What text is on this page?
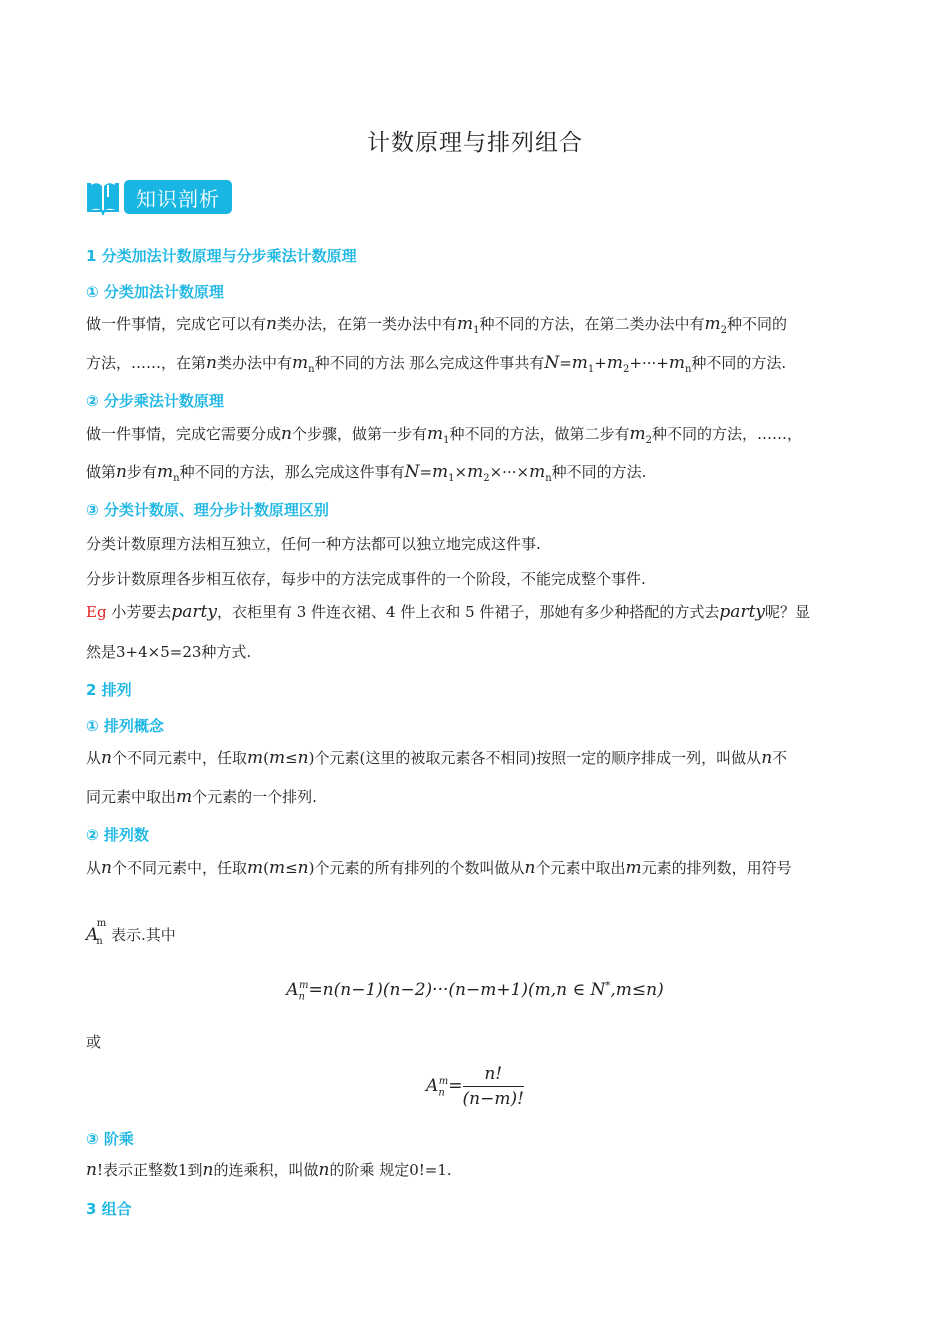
计数原理与排列组合
知识剖析
1 分类加法计数原理与分步乘法计数原理
① 分类加法计数原理
做一件事情，完成它可以有n类办法，在第一类办法中有$m_1$种不同的方法，在第二类办法中有$m_2$种不同的
方法，……，在第n类办法中有$m_n$种不同的方法 那么完成这件事共有$N=m_1+m_2+\cdot\cdot\cdot+m_n$种不同的方法.
② 分步乘法计数原理
做一件事情，完成它需要分成n个步骤，做第一步有$m_1$种不同的方法，做第二步有$m_2$种不同的方法，……，
做第n步有$m_n$种不同的方法，那么完成这件事有$N=m_1\times m_2\times\cdot\cdot\cdot\times m_n$种不同的方法.
③ 分类计数原、理分步计数原理区别
分类计数原理方法相互独立，任何一种方法都可以独立地完成这件事.
分步计数原理各步相互依存，每步中的方法完成事件的一个阶段，不能完成整个事件.
Eg 小芳要去party，衣柜里有 3 件连衣裙、4 件上衣和 5 件裙子，那她有多少种搭配的方式去party呢？显
然是3+4×5=23种方式.
2 排列
① 排列概念
从n个不同元素中，任取m(m≤n)个元素(这里的被取元素各不相同)按照一定的顺序排成一列，叫做从n不
同元素中取出m个元素的一个排列.
② 排列数
从n个不同元素中，任取m(m≤n)个元素的所有排列的个数叫做从n个元素中取出m元素的排列数，用符号
$A_n^m$ 表示.其中
$A_n^m=n(n-1)(n-2)\cdot\cdot\cdot(n-m+1)(m,n$ ∈ N*,m≤n)
或
$A_n^m= \frac{n!}{(n-m)!}$
③ 阶乘
n!表示正整数1到n的连乘积，叫做n的阶乘 规定0!=1.
3 组合
